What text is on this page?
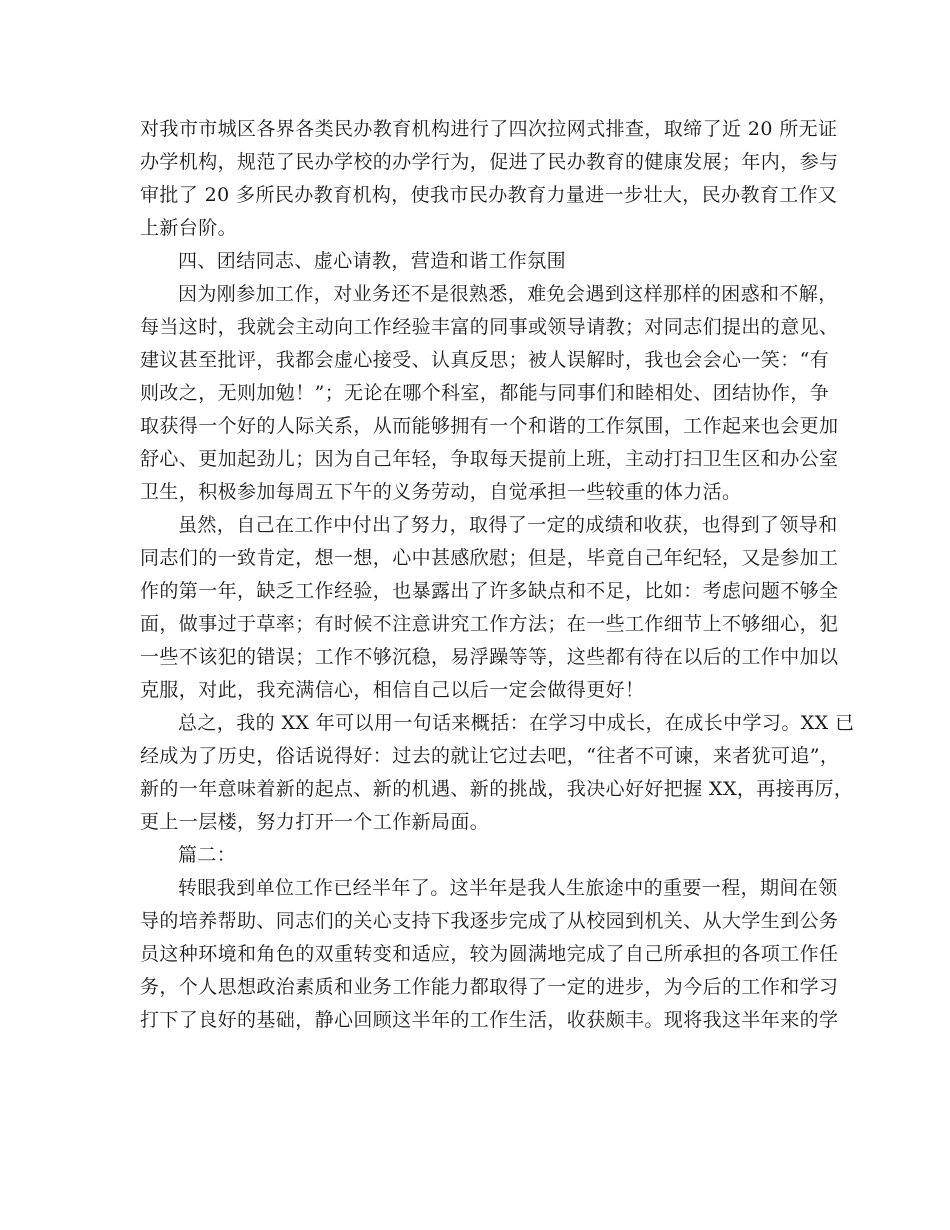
对我市市城区各界各类民办教育机构进行了四次拉网式排查，取缔了近 20 所无证
办学机构，规范了民办学校的办学行为，促进了民办教育的健康发展；年内，参与
审批了 20 多所民办教育机构，使我市民办教育力量进一步壮大，民办教育工作又
上新台阶。
四、团结同志、虚心请教，营造和谐工作氛围
因为刚参加工作，对业务还不是很熟悉，难免会遇到这样那样的困惑和不解，
每当这时，我就会主动向工作经验丰富的同事或领导请教；对同志们提出的意见、
建议甚至批评，我都会虚心接受、认真反思；被人误解时，我也会会心一笑：“有
则改之，无则加勉！”；无论在哪个科室，都能与同事们和睦相处、团结协作，争
取获得一个好的人际关系，从而能够拥有一个和谐的工作氛围，工作起来也会更加
舒心、更加起劲儿；因为自己年轻，争取每天提前上班，主动打扫卫生区和办公室
卫生，积极参加每周五下午的义务劳动，自觉承担一些较重的体力活。
虽然，自己在工作中付出了努力，取得了一定的成绩和收获，也得到了领导和
同志们的一致肯定，想一想，心中甚感欣慰；但是，毕竟自己年纪轻，又是参加工
作的第一年，缺乏工作经验，也暴露出了许多缺点和不足，比如：考虑问题不够全
面，做事过于草率；有时候不注意讲究工作方法；在一些工作细节上不够细心，犯
一些不该犯的错误；工作不够沉稳，易浮躁等等，这些都有待在以后的工作中加以
克服，对此，我充满信心，相信自己以后一定会做得更好！
总之，我的 XX 年可以用一句话来概括：在学习中成长，在成长中学习。XX 已
经成为了历史，俗话说得好：过去的就让它过去吧，“往者不可谏，来者犹可追”，
新的一年意味着新的起点、新的机遇、新的挑战，我决心好好把握 XX，再接再厉，
更上一层楼，努力打开一个工作新局面。
篇二：
转眼我到单位工作已经半年了。这半年是我人生旅途中的重要一程，期间在领
导的培养帮助、同志们的关心支持下我逐步完成了从校园到机关、从大学生到公务
员这种环境和角色的双重转变和适应，较为圆满地完成了自己所承担的各项工作任
务，个人思想政治素质和业务工作能力都取得了一定的进步，为今后的工作和学习
打下了良好的基础，静心回顾这半年的工作生活，收获颇丰。现将我这半年来的学
